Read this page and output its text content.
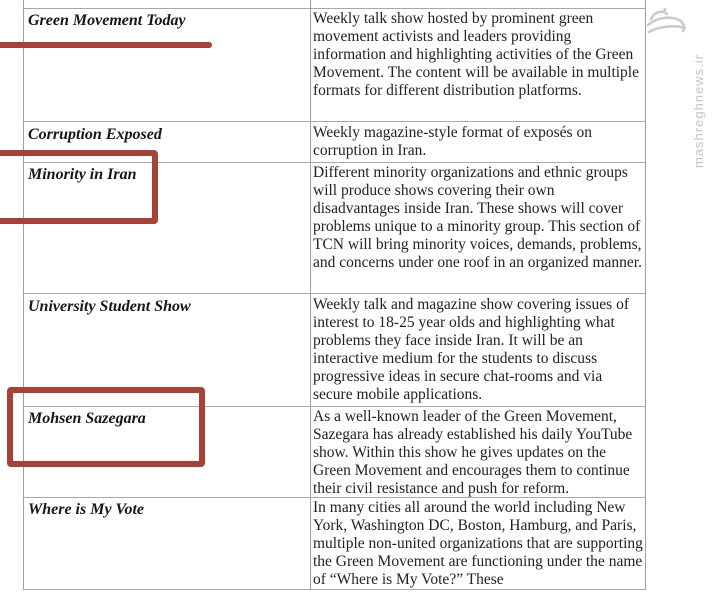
Green Movement Today	Weekly talk show hosted by prominent green movement activists and leaders providing information and highlighting activities of the Green Movement. The content will be available in multiple formats for different distribution platforms.
Corruption Exposed	Weekly magazine-style format of exposés on corruption in Iran.
Minority in Iran	Different minority organizations and ethnic groups will produce shows covering their own disadvantages inside Iran. These shows will cover problems unique to a minority group. This section of TCN will bring minority voices, demands, problems, and concerns under one roof in an organized manner.
University Student Show	Weekly talk and magazine show covering issues of interest to 18-25 year olds and highlighting what problems they face inside Iran. It will be an interactive medium for the students to discuss progressive ideas in secure chat-rooms and via secure mobile applications.
Mohsen Sazegara	As a well-known leader of the Green Movement, Sazegara has already established his daily YouTube show. Within this show he gives updates on the Green Movement and encourages them to continue their civil resistance and push for reform.
Where is My Vote	In many cities all around the world including New York, Washington DC, Boston, Hamburg, and Paris, multiple non-united organizations that are supporting the Green Movement are functioning under the name of “Where is My Vote?” These
mashreghnews.ir
